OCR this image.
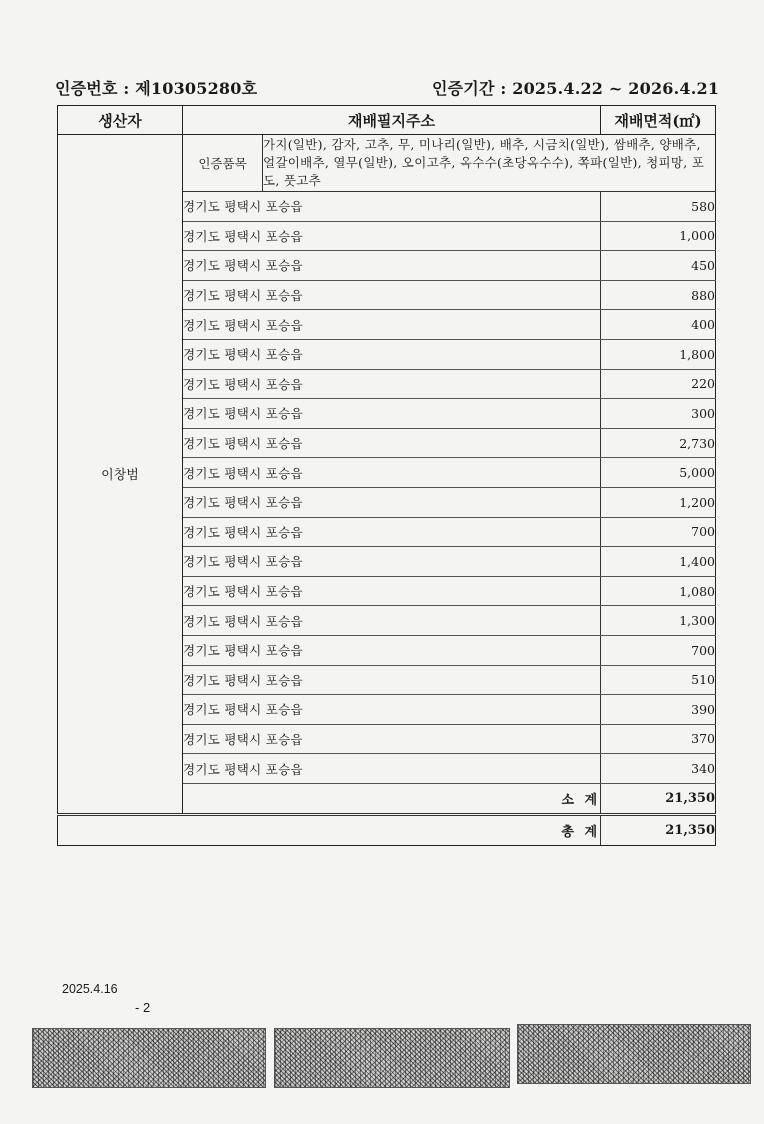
인증번호 : 제10305280호	인증기간 : 2025.4.22 ~ 2026.4.21
생산자	재배필지주소		재배면적(㎡)
이창범	인증품목	가지(일반), 감자, 고추, 무, 미나리(일반), 배추, 시금치(일반), 쌈배추, 양배추, 얼갈이배추, 열무(일반), 오이고추, 옥수수(초당옥수수), 쪽파(일반), 청피망, 포도, 풋고추	
	경기도 평택시 포승읍		580
	경기도 평택시 포승읍		1,000
	경기도 평택시 포승읍		450
	경기도 평택시 포승읍		880
	경기도 평택시 포승읍		400
	경기도 평택시 포승읍		1,800
	경기도 평택시 포승읍		220
	경기도 평택시 포승읍		300
	경기도 평택시 포승읍		2,730
	경기도 평택시 포승읍		5,000
	경기도 평택시 포승읍		1,200
	경기도 평택시 포승읍		700
	경기도 평택시 포승읍		1,400
	경기도 평택시 포승읍		1,080
	경기도 평택시 포승읍		1,300
	경기도 평택시 포승읍		700
	경기도 평택시 포승읍		510
	경기도 평택시 포승읍		390
	경기도 평택시 포승읍		370
	경기도 평택시 포승읍		340
	소 계		21,350
총 계			21,350
2025.4.16
- 2
